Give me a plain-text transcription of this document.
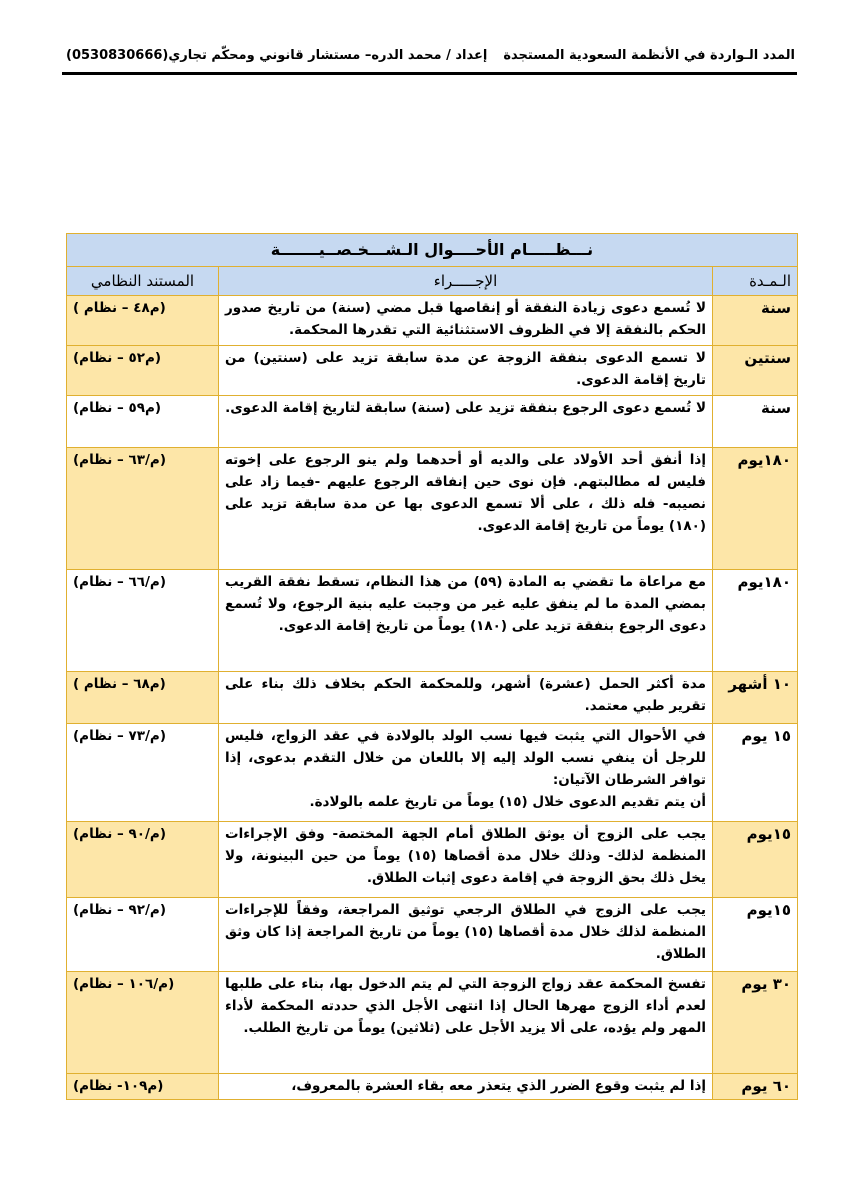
المدد الـواردة في الأنظمة السعودية المستجدة
إعداد / محمد الدره– مستشار قانوني ومحكّم تجاري(0530830666)
نـــظـــــام الأحــــوال الـشـــخـصــيـــــــة		
الـمـدة	الإجـــــراء	المستند النظامي
سنة	لا تُسمع دعوى زيادة النفقة أو إنقاصها قبل مضي (سنة) من تاريخ صدور الحكم بالنفقة إلا في الظروف الاستثنائية التي تقدرها المحكمة.	(م٤٨ – نظام )
سنتين	لا تسمع الدعوى بنفقة الزوجة عن مدة سابقة تزيد على (سنتين) من تاريخ إقامة الدعوى.	(م٥٢ – نظام)
سنة	لا تُسمع دعوى الرجوع بنفقة تزيد على (سنة) سابقة لتاريخ إقامة الدعوى.	(م٥٩ – نظام)
١٨٠يوم	إذا أنفق أحد الأولاد على والديه أو أحدهما ولم ينو الرجوع على إخوته فليس له مطالبتهم. فإن نوى حين إنفاقه الرجوع عليهم -فيما زاد على نصيبه- فله ذلك ، على ألا تسمع الدعوى بها عن مدة سابقة تزيد على (١٨٠) يوماً من تاريخ إقامة الدعوى.	(م/٦٣ – نظام)
١٨٠يوم	مع مراعاة ما تقضي به المادة (٥٩) من هذا النظام، تسقط نفقة القريب بمضي المدة ما لم ينفق عليه غير من وجبت عليه بنية الرجوع، ولا تُسمع دعوى الرجوع بنفقة تزيد على (١٨٠) يوماً من تاريخ إقامة الدعوى.	(م/٦٦ – نظام)
١٠ أشهر	مدة أكثر الحمل (عشرة) أشهر، وللمحكمة الحكم بخلاف ذلك بناء على تقرير طبي معتمد.	(م٦٨ – نظام )
١٥ يوم	في الأحوال التي يثبت فيها نسب الولد بالولادة في عقد الزواج، فليس للرجل أن ينفي نسب الولد إليه إلا باللعان من خلال التقدم بدعوى، إذا توافر الشرطان الآتيان:
أن يتم تقديم الدعوى خلال (١٥) يوماً من تاريخ علمه بالولادة.	(م/٧٣ – نظام)
١٥يوم	يجب على الزوج أن يوثق الطلاق أمام الجهة المختصة- وفق الإجراءات المنظمة لذلك- وذلك خلال مدة أقصاها (١٥) يوماً من حين البينونة، ولا يخل ذلك بحق الزوجة في إقامة دعوى إثبات الطلاق.	(م/٩٠ – نظام)
١٥يوم	يجب على الزوج في الطلاق الرجعي توثيق المراجعة، وفقاً للإجراءات المنظمة لذلك خلال مدة أقصاها (١٥) يوماً من تاريخ المراجعة إذا كان وثق الطلاق.	(م/٩٢ – نظام)
٣٠ يوم	تفسخ المحكمة عقد زواج الزوجة التي لم يتم الدخول بها، بناء على طلبها لعدم أداء الزوج مهرها الحال إذا انتهى الأجل الذي حددته المحكمة لأداء المهر ولم يؤده، على ألا يزيد الأجل على (ثلاثين) يوماً من تاريخ الطلب.	(م/١٠٦ – نظام)
٦٠ يوم	إذا لم يثبت وقوع الضرر الذي يتعذر معه بقاء العشرة بالمعروف،	(م١٠٩- نظام)
